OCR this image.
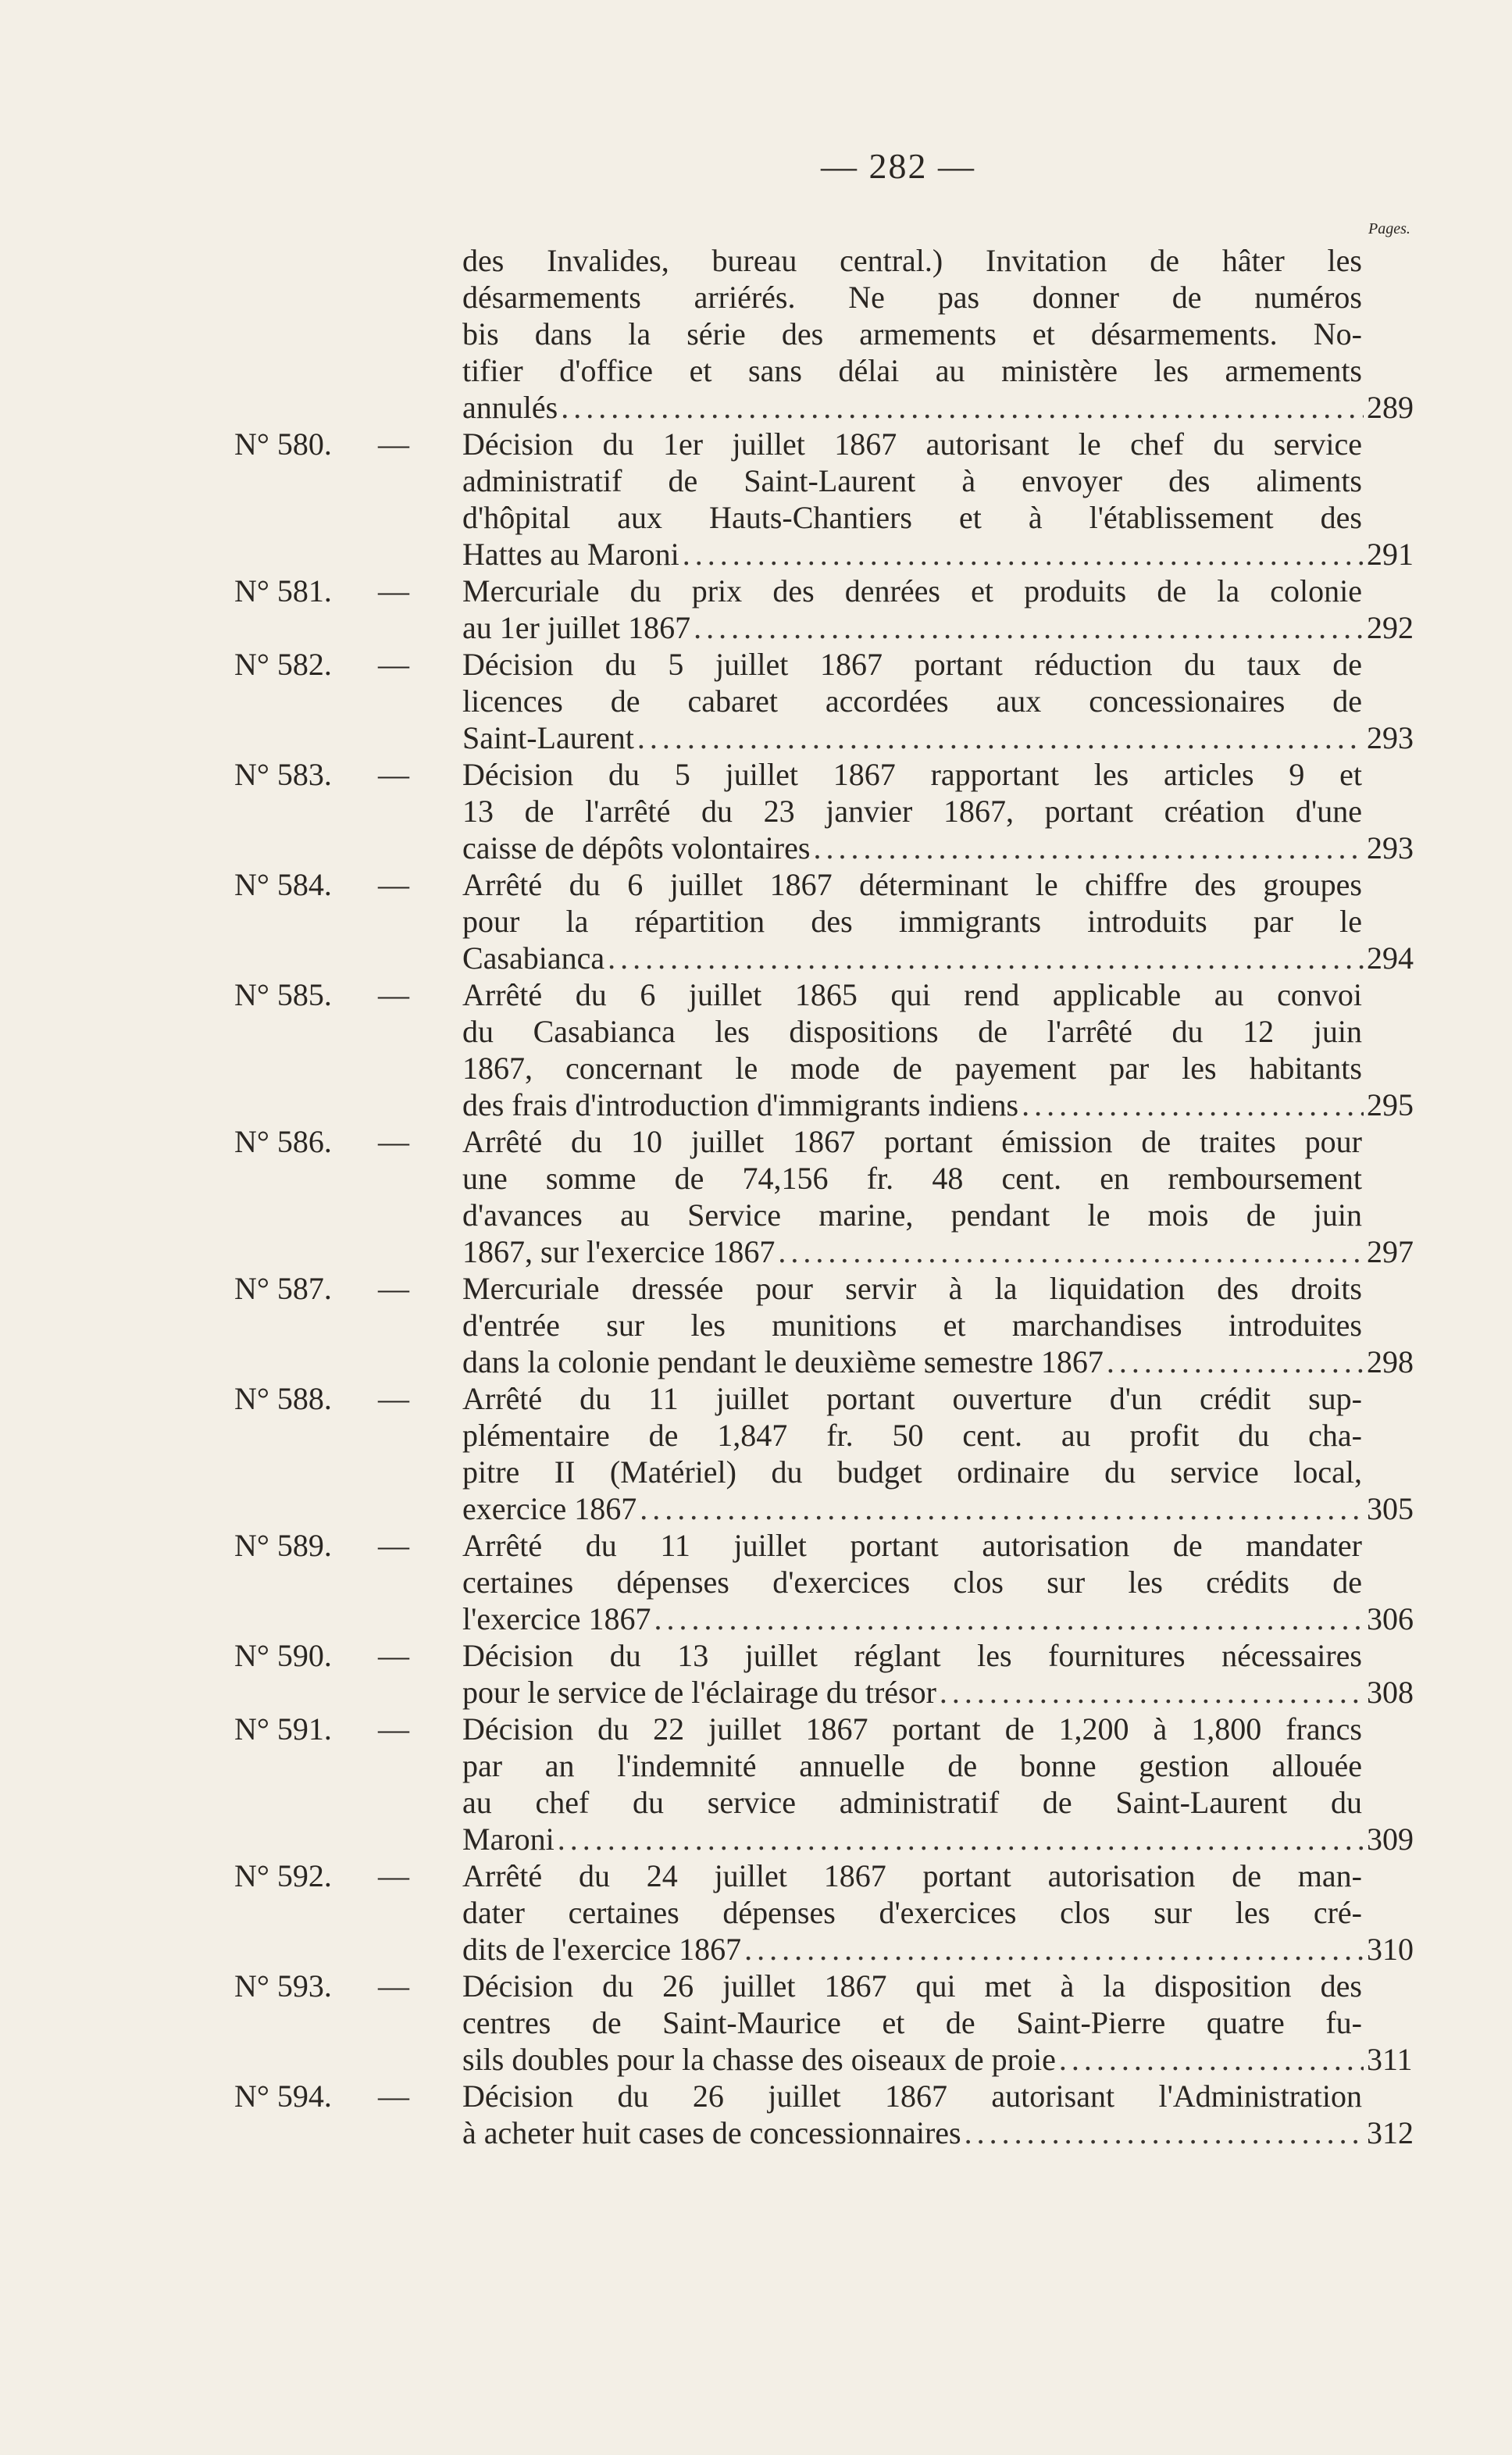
— 282 —
Pages.
des Invalides, bureau central.) Invitation de hâter les
désarmements arriérés. Ne pas donner de numéros
bis dans la série des armements et désarmements. No-
tifier d'office et sans délai au ministère les armements
annulés .....	289
N° 580.	— Décision du 1er juillet 1867 autorisant le chef du service
administratif de Saint-Laurent à envoyer des aliments
d'hôpital aux Hauts-Chantiers et à l'établissement des
Hattes au Maroni .....	291
N° 581.	— Mercuriale du prix des denrées et produits de la colonie
au 1er juillet 1867 .....	292
N° 582.	— Décision du 5 juillet 1867 portant réduction du taux de
licences de cabaret accordées aux concessionaires de
Saint-Laurent .....	293
N° 583.	— Décision du 5 juillet 1867 rapportant les articles 9 et
13 de l'arrêté du 23 janvier 1867, portant création d'une
caisse de dépôts volontaires .....	293
N° 584.	— Arrêté du 6 juillet 1867 déterminant le chiffre des groupes
pour la répartition des immigrants introduits par le
Casabianca .....	294
N° 585.	— Arrêté du 6 juillet 1865 qui rend applicable au convoi
du Casabianca les dispositions de l'arrêté du 12 juin
1867, concernant le mode de payement par les habitants
des frais d'introduction d'immigrants indiens .....	295
N° 586.	— Arrêté du 10 juillet 1867 portant émission de traites pour
une somme de 74,156 fr. 48 cent. en remboursement
d'avances au Service marine, pendant le mois de juin
1867, sur l'exercice 1867 .....	297
N° 587.	— Mercuriale dressée pour servir à la liquidation des droits
d'entrée sur les munitions et marchandises introduites
dans la colonie pendant le deuxième semestre 1867 .....	298
N° 588.	— Arrêté du 11 juillet portant ouverture d'un crédit sup-
plémentaire de 1,847 fr. 50 cent. au profit du cha-
pitre II (Matériel) du budget ordinaire du service local,
exercice 1867 .....	305
N° 589.	— Arrêté du 11 juillet portant autorisation de mandater
certaines dépenses d'exercices clos sur les crédits de
l'exercice 1867 .....	306
N° 590.	— Décision du 13 juillet réglant les fournitures nécessaires
pour le service de l'éclairage du trésor .....	308
N° 591.	— Décision du 22 juillet 1867 portant de 1,200 à 1,800 francs
par an l'indemnité annuelle de bonne gestion allouée
au chef du service administratif de Saint-Laurent du
Maroni .....	309
N° 592.	— Arrêté du 24 juillet 1867 portant autorisation de man-
dater certaines dépenses d'exercices clos sur les cré-
dits de l'exercice 1867 .....	310
N° 593.	— Décision du 26 juillet 1867 qui met à la disposition des
centres de Saint-Maurice et de Saint-Pierre quatre fu-
sils doubles pour la chasse des oiseaux de proie .....	311
N° 594.	— Décision du 26 juillet 1867 autorisant l'Administration
à acheter huit cases de concessionnaires .....	312
